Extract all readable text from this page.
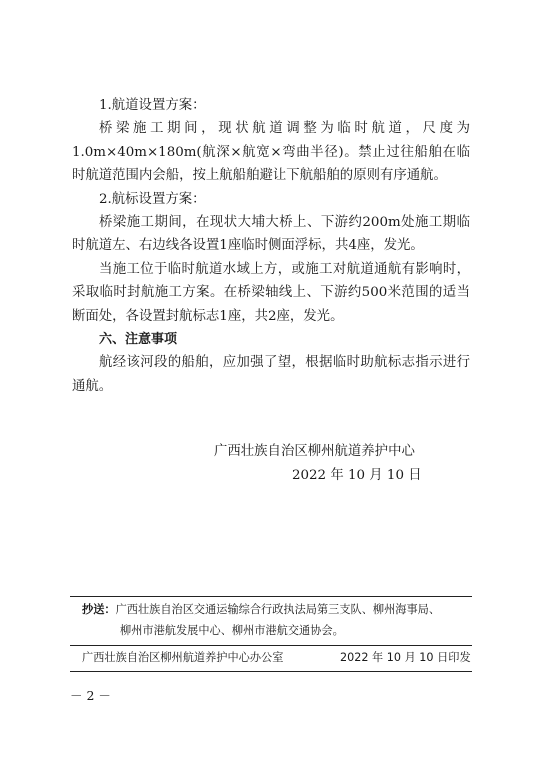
1.航道设置方案：

桥梁施工期间，现状航道调整为临时航道，尺度为1.0m×40m×180m(航深×航宽×弯曲半径)。禁止过往船舶在临时航道范围内会船，按上航船舶避让下航船舶的原则有序通航。

2.航标设置方案：

桥梁施工期间，在现状大埔大桥上、下游约200m处施工期临时航道左、右边线各设置1座临时侧面浮标，共4座，发光。

当施工位于临时航道水域上方，或施工对航道通航有影响时，采取临时封航施工方案。在桥梁轴线上、下游约500米范围的适当断面处，各设置封航标志1座，共2座，发光。

六、注意事项

航经该河段的船舶，应加强了望，根据临时助航标志指示进行通航。

广西壮族自治区柳州航道养护中心
2022 年 10 月 10 日
抄送：广西壮族自治区交通运输综合行政执法局第三支队、柳州海事局、
柳州市港航发展中心、柳州市港航交通协会。
广西壮族自治区柳州航道养护中心办公室	2022 年 10 月 10 日印发
－ 2 －
